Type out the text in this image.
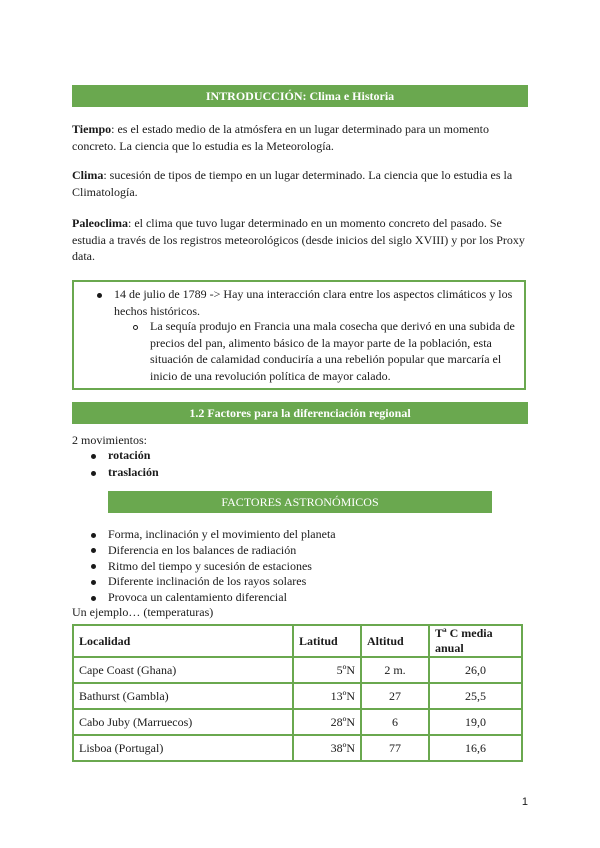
INTRODUCCIÓN: Clima e Historia
Tiempo: es el estado medio de la atmósfera en un lugar determinado para un momento concreto. La ciencia que lo estudia es la Meteorología.
Clima: sucesión de tipos de tiempo en un lugar determinado. La ciencia que lo estudia es la Climatología.
Paleoclima: el clima que tuvo lugar determinado en un momento concreto del pasado. Se estudia a través de los registros meteorológicos (desde inicios del siglo XVIII) y por los Proxy data.
14 de julio de 1789 -> Hay una interacción clara entre los aspectos climáticos y los hechos históricos.
La sequía produjo en Francia una mala cosecha que derivó en una subida de precios del pan, alimento básico de la mayor parte de la población, esta situación de calamidad conduciría a una rebelión popular que marcaría el inicio de una revolución política de mayor calado.
1.2 Factores para la diferenciación regional
2 movimientos:
rotación
traslación
FACTORES ASTRONÓMICOS
Forma, inclinación y el movimiento del planeta
Diferencia en los balances de radiación
Ritmo del tiempo y sucesión de estaciones
Diferente inclinación de los rayos solares
Provoca un calentamiento diferencial
Un ejemplo… (temperaturas)
Localidad	Latitud	Altitud	Tª C media anual
Cape Coast (Ghana)	5ºN	2 m.	26,0
Bathurst (Gambla)	13ºN	27	25,5
Cabo Juby (Marruecos)	28ºN	6	19,0
Lisboa (Portugal)	38ºN	77	16,6
1
